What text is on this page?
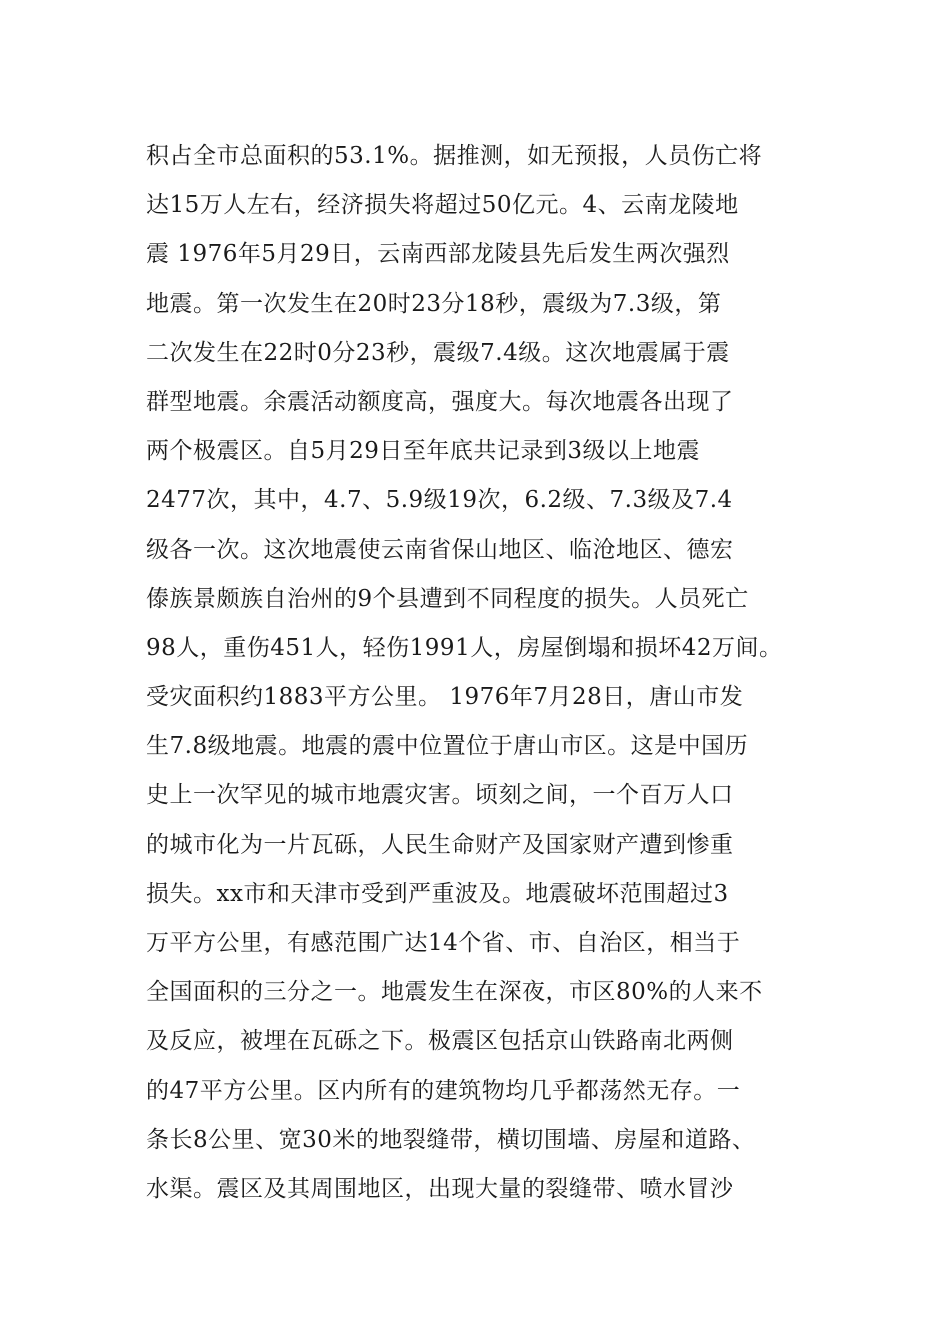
积占全市总面积的53.1%。据推测，如无预报，人员伤亡将
达15万人左右，经济损失将超过50亿元。4、云南龙陵地
震 1976年5月29日，云南西部龙陵县先后发生两次强烈
地震。第一次发生在20时23分18秒，震级为7.3级，第
二次发生在22时0分23秒，震级7.4级。这次地震属于震
群型地震。余震活动额度高，强度大。每次地震各出现了
两个极震区。自5月29日至年底共记录到3级以上地震
2477次，其中，4.7、5.9级19次，6.2级、7.3级及7.4
级各一次。这次地震使云南省保山地区、临沧地区、德宏
傣族景颇族自治州的9个县遭到不同程度的损失。人员死亡
98人，重伤451人，轻伤1991人，房屋倒塌和损坏42万间。
受灾面积约1883平方公里。 1976年7月28日，唐山市发
生7.8级地震。地震的震中位置位于唐山市区。这是中国历
史上一次罕见的城市地震灾害。顷刻之间，一个百万人口
的城市化为一片瓦砾，人民生命财产及国家财产遭到惨重
损失。xx市和天津市受到严重波及。地震破坏范围超过3
万平方公里，有感范围广达14个省、市、自治区，相当于
全国面积的三分之一。地震发生在深夜，市区80%的人来不
及反应，被埋在瓦砾之下。极震区包括京山铁路南北两侧
的47平方公里。区内所有的建筑物均几乎都荡然无存。一
条长8公里、宽30米的地裂缝带，横切围墙、房屋和道路、
水渠。震区及其周围地区，出现大量的裂缝带、喷水冒沙
